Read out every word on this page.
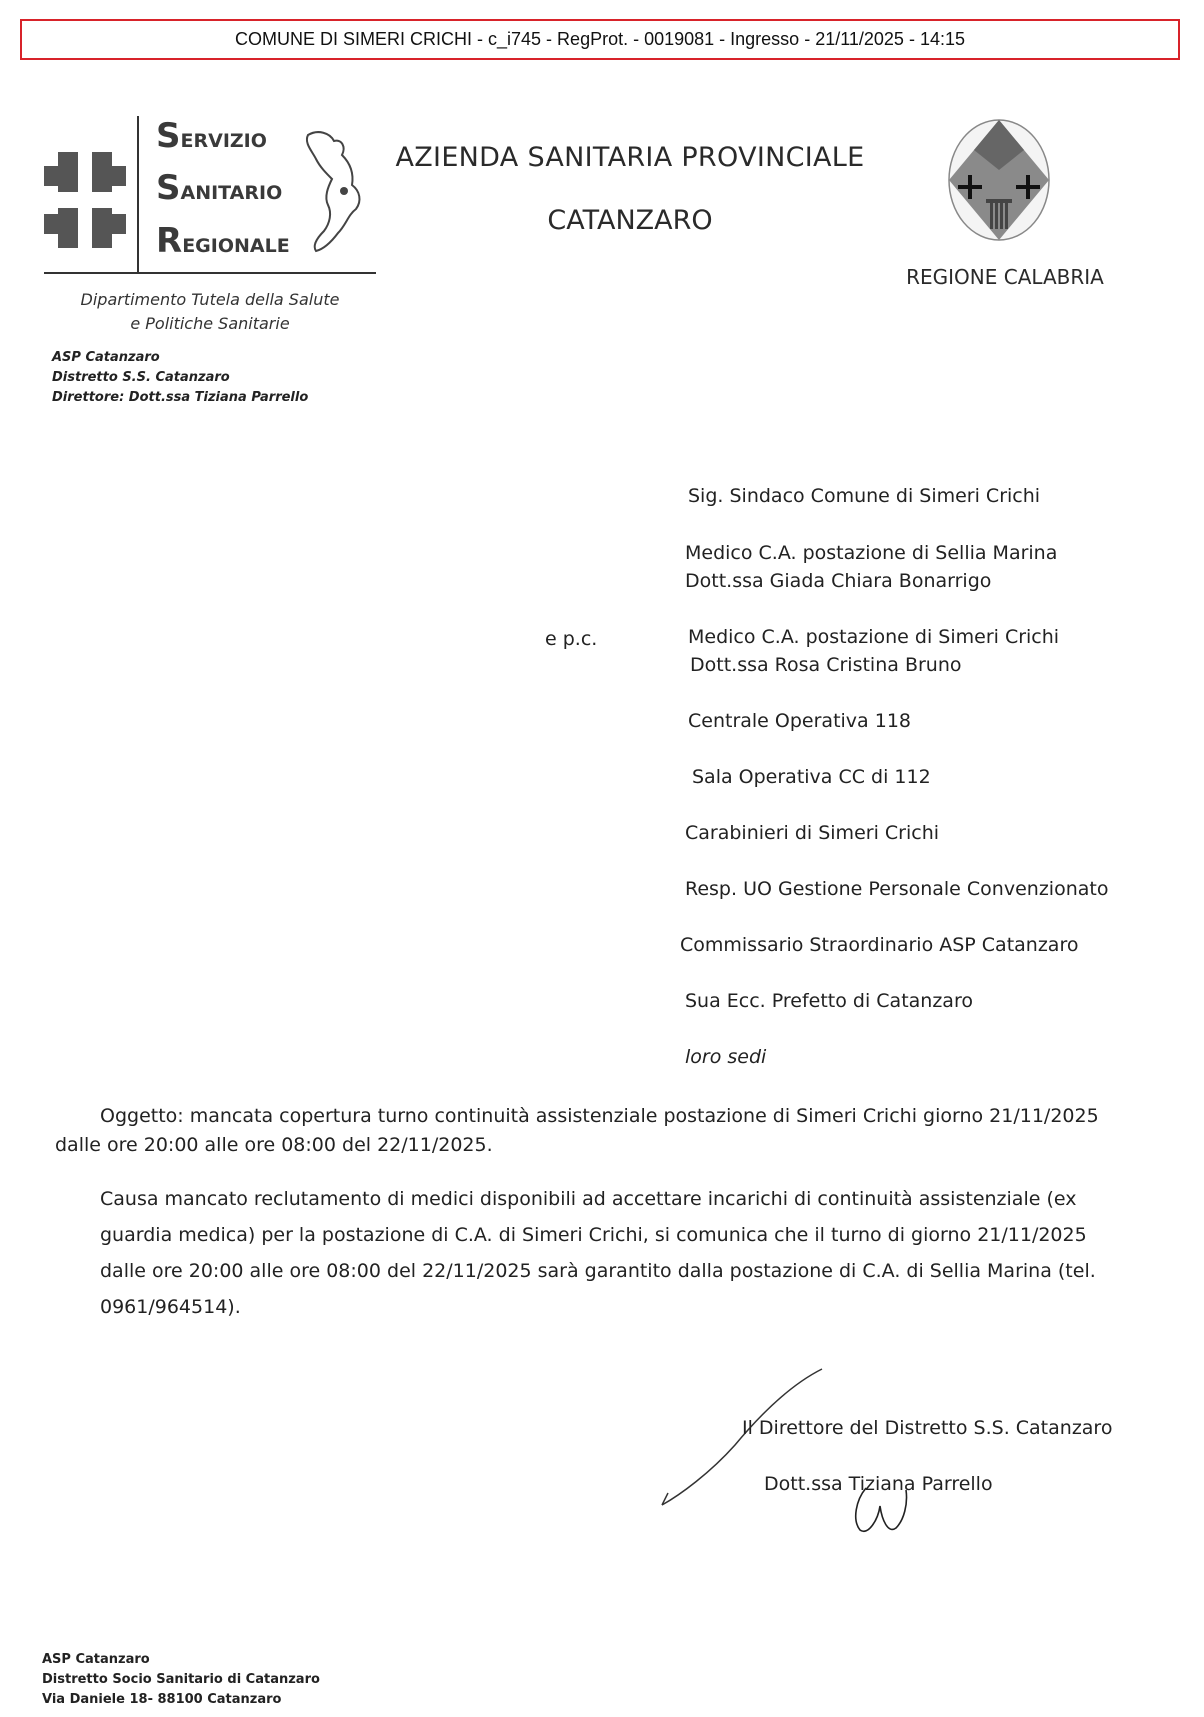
COMUNE DI SIMERI CRICHI - c_i745 - RegProt. - 0019081 - Ingresso - 21/11/2025 - 14:15
SERVIZIO
SANITARIO
REGIONALE
Dipartimento Tutela della Salute
e Politiche Sanitarie
AZIENDA SANITARIA PROVINCIALE
CATANZARO
REGIONE CALABRIA
ASP Catanzaro
Distretto S.S. Catanzaro
Direttore: Dott.ssa Tiziana Parrello
Sig. Sindaco Comune di Simeri Crichi
Medico C.A. postazione di Sellia Marina
Dott.ssa Giada Chiara Bonarrigo
e p.c.	Medico C.A. postazione di Simeri Crichi
Dott.ssa Rosa Cristina Bruno
Centrale Operativa 118
Sala Operativa CC di 112
Carabinieri di Simeri Crichi
Resp. UO Gestione Personale Convenzionato
Commissario Straordinario ASP Catanzaro
Sua Ecc. Prefetto di Catanzaro
loro sedi
Oggetto: mancata copertura turno continuità assistenziale postazione di Simeri Crichi giorno 21/11/2025
dalle ore 20:00 alle ore 08:00 del 22/11/2025.
Causa mancato reclutamento di medici disponibili ad accettare incarichi di continuità assistenziale (ex
guardia medica) per la postazione di C.A. di Simeri Crichi, si comunica che il turno di giorno 21/11/2025
dalle ore 20:00 alle ore 08:00 del 22/11/2025 sarà garantito dalla postazione di C.A. di Sellia Marina (tel.
0961/964514).
Il Direttore del Distretto S.S. Catanzaro
Dott.ssa Tiziana Parrello
ASP Catanzaro
Distretto Socio Sanitario di Catanzaro
Via Daniele 18- 88100 Catanzaro
